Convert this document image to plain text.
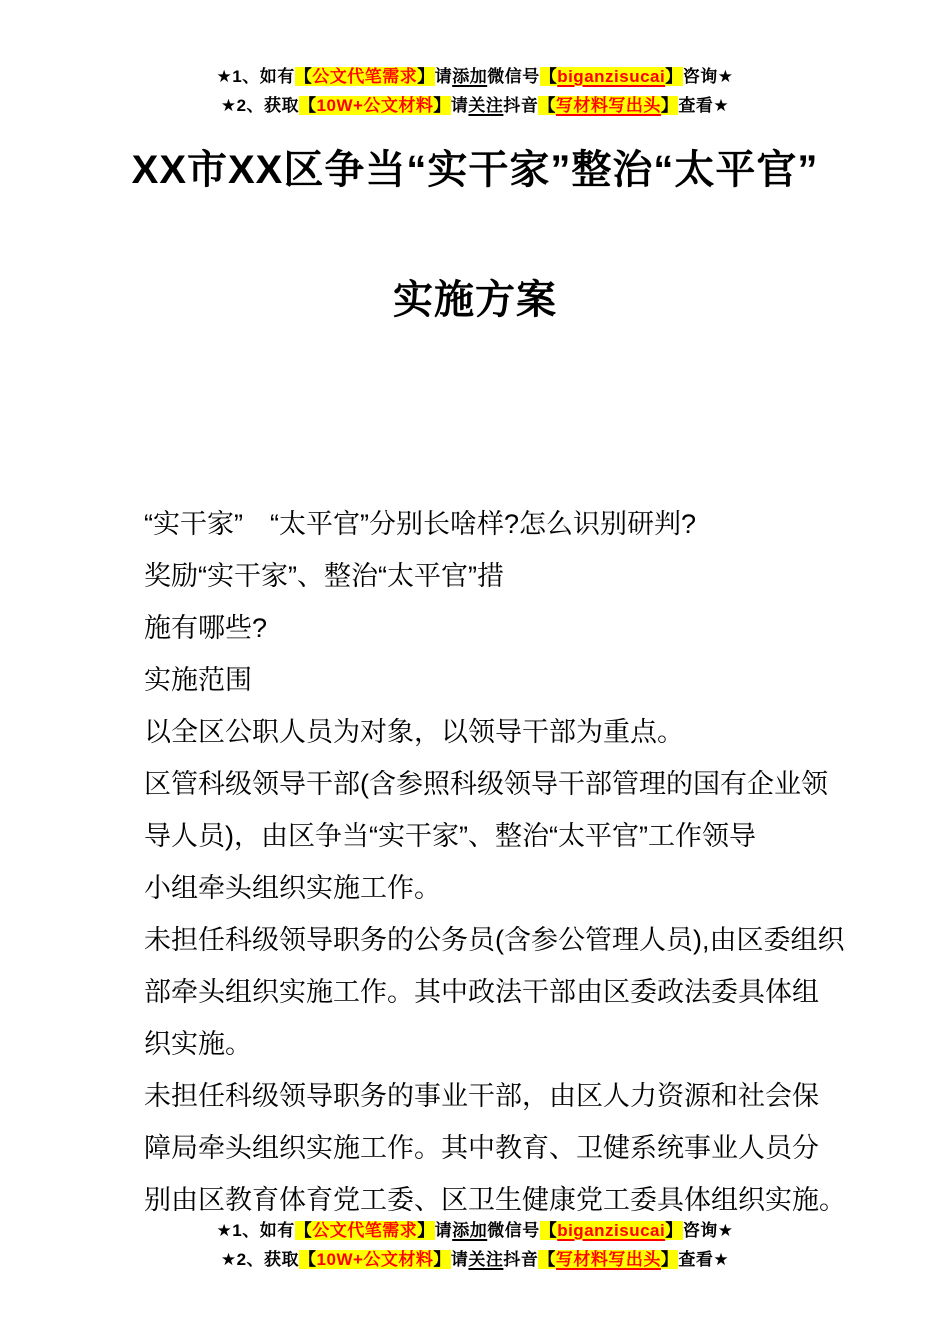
★1、如有【公文代笔需求】请添加微信号【biganzisucai】咨询★
★2、获取【10W+公文材料】请关注抖音【写材料写出头】查看★
XX市XX区争当“实干家”整治“太平官”
实施方案
“实干家”　“太平官”分别长啥样?怎么识别研判?
奖励“实干家”、整治“太平官”措
施有哪些?
实施范围
以全区公职人员为对象，以领导干部为重点。
区管科级领导干部(含参照科级领导干部管理的国有企业领
导人员)，由区争当“实干家”、整治“太平官”工作领导
小组牵头组织实施工作。
未担任科级领导职务的公务员(含参公管理人员),由区委组织
部牵头组织实施工作。其中政法干部由区委政法委具体组
织实施。
未担任科级领导职务的事业干部，由区人力资源和社会保
障局牵头组织实施工作。其中教育、卫健系统事业人员分
别由区教育体育党工委、区卫生健康党工委具体组织实施。
★1、如有【公文代笔需求】请添加微信号【biganzisucai】咨询★
★2、获取【10W+公文材料】请关注抖音【写材料写出头】查看★
